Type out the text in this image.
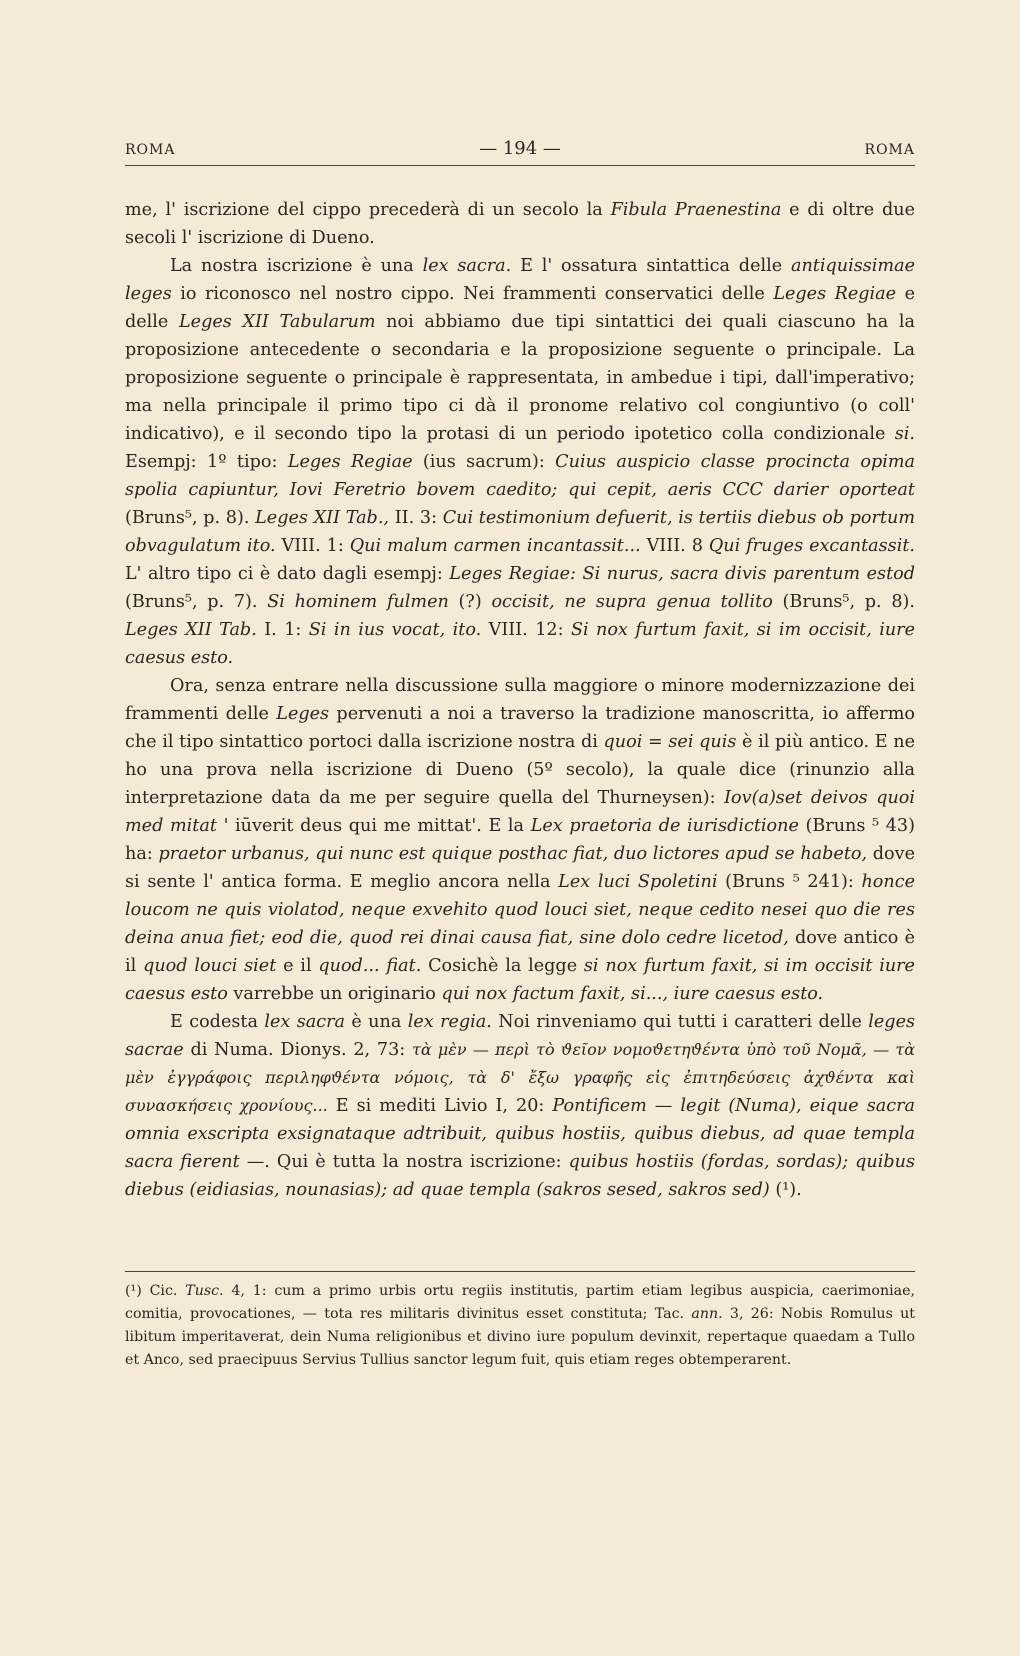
ROMA	— 194 —	ROMA

me, l' iscrizione del cippo precederà di un secolo la Fibula Praenestina e di oltre due secoli l' iscrizione di Dueno.

La nostra iscrizione è una lex sacra. E l' ossatura sintattica delle antiquissimae leges io riconosco nel nostro cippo. Nei frammenti conservatici delle Leges Regiae e delle Leges XII Tabularum noi abbiamo due tipi sintattici dei quali ciascuno ha la proposizione antecedente o secondaria e la proposizione seguente o principale. La proposizione seguente o principale è rappresentata, in ambedue i tipi, dall'imperativo; ma nella principale il primo tipo ci dà il pronome relativo col congiuntivo (o coll' indicativo), e il secondo tipo la protasi di un periodo ipotetico colla condizionale si. Esempj: 1º tipo: Leges Regiae (ius sacrum): Cuius auspicio classe procincta opima spolia capiuntur, Iovi Feretrio bovem caedito; qui cepit, aeris CCC darier oporteat (Bruns⁵, p. 8). Leges XII Tab., II. 3: Cui testimonium defuerit, is tertiis diebus ob portum obvagulatum ito. VIII. 1: Qui malum carmen incantassit... VIII. 8 Qui fruges excantassit. L' altro tipo ci è dato dagli esempj: Leges Regiae: Si nurus, sacra divis parentum estod (Bruns⁵, p. 7). Si hominem fulmen (?) occisit, ne supra genua tollito (Bruns⁵, p. 8). Leges XII Tab. I. 1: Si in ius vocat, ito. VIII. 12: Si nox furtum faxit, si im occisit, iure caesus esto.

Ora, senza entrare nella discussione sulla maggiore o minore modernizzazione dei frammenti delle Leges pervenuti a noi a traverso la tradizione manoscritta, io affermo che il tipo sintattico portoci dalla iscrizione nostra di quoi = sei quis è il più antico. E ne ho una prova nella iscrizione di Dueno (5º secolo), la quale dice (rinunzio alla interpretazione data da me per seguire quella del Thurneysen): Iov(a)set deivos quoi med mitat ' iūverit deus qui me mittat'. E la Lex praetoria de iurisdictione (Bruns ⁵ 43) ha: praetor urbanus, qui nunc est quique posthac fiat, duo lictores apud se habeto, dove si sente l' antica forma. E meglio ancora nella Lex luci Spoletini (Bruns ⁵ 241): honce loucom ne quis violatod, neque exvehito quod louci siet, neque cedito nesei quo die res deina anua fiet; eod die, quod rei dinai causa fiat, sine dolo cedre licetod, dove antico è il quod louci siet e il quod... fiat. Cosichè la legge si nox furtum faxit, si im occisit iure caesus esto varrebbe un originario qui nox factum faxit, si..., iure caesus esto.

E codesta lex sacra è una lex regia. Noi rinveniamo qui tutti i caratteri delle leges sacrae di Numa. Dionys. 2, 73: τὰ μὲν — περὶ τὸ ϑεῖον νομοϑετηϑέντα ὑπὸ τοῦ Νομᾶ, — τὰ μὲν ἐγγράφοις περιληφϑέντα νόμοις, τὰ δ' ἔξω γραφῆς εἰς ἐπιτηδεύσεις ἀχϑέντα καὶ συνασκήσεις χρονίους... E si mediti Livio I, 20: Pontificem — legit (Numa), eique sacra omnia exscripta exsignataque adtribuit, quibus hostiis, quibus diebus, ad quae templa sacra fierent —. Qui è tutta la nostra iscrizione: quibus hostiis (fordas, sordas); quibus diebus (eidiasias, nounasias); ad quae templa (sakros sesed, sakros sed) (¹).

(¹) Cic. Tusc. 4, 1: cum a primo urbis ortu regiis institutis, partim etiam legibus auspicia, caerimoniae, comitia, provocationes, — tota res militaris divinitus esset constituta; Tac. ann. 3, 26: Nobis Romulus ut libitum imperitaverat, dein Numa religionibus et divino iure populum devinxit, repertaque quaedam a Tullo et Anco, sed praecipuus Servius Tullius sanctor legum fuit, quis etiam reges obtemperarent.
